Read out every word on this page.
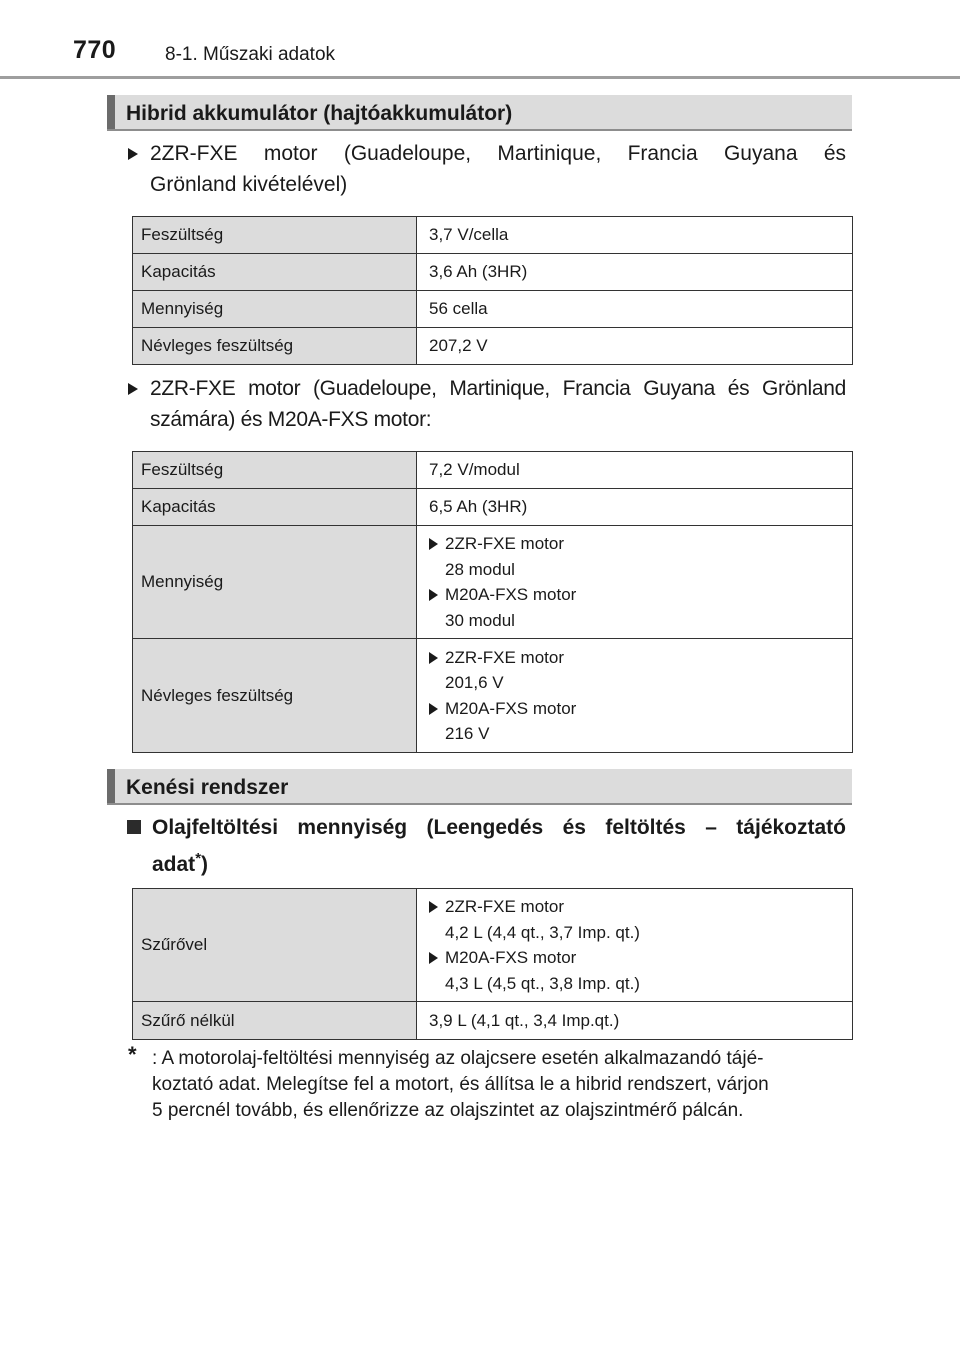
770	8-1. Műszaki adatok
Hibrid akkumulátor (hajtóakkumulátor)
2ZR-FXE motor (Guadeloupe, Martinique, Francia Guyana és
Grönland kivételével)
Feszültség	3,7 V/cella
Kapacitás	3,6 Ah (3HR)
Mennyiség	56 cella
Névleges feszültség	207,2 V
2ZR-FXE motor (Guadeloupe, Martinique, Francia Guyana és Grönland
számára) és M20A-FXS motor:
Feszültség	7,2 V/modul
Kapacitás	6,5 Ah (3HR)
Mennyiség	2ZR-FXE motor
28 modul
M20A-FXS motor
30 modul

Névleges feszültség	2ZR-FXE motor
201,6 V
M20A-FXS motor
216 V
Kenési rendszer
Olajfeltöltési mennyiség (Leengedés és feltöltés – tájékoztató
adat*)
Szűrővel	2ZR-FXE motor
4,2 L (4,4 qt., 3,7 Imp. qt.)
M20A-FXS motor
4,3 L (4,5 qt., 3,8 Imp. qt.)

Szűrő nélkül	3,9 L (4,1 qt., 3,4 Imp.qt.)
* : A motorolaj-feltöltési mennyiség az olajcsere esetén alkalmazandó tájé-
koztató adat. Melegítse fel a motort, és állítsa le a hibrid rendszert, várjon
5 percnél tovább, és ellenőrizze az olajszintet az olajszintmérő pálcán.
